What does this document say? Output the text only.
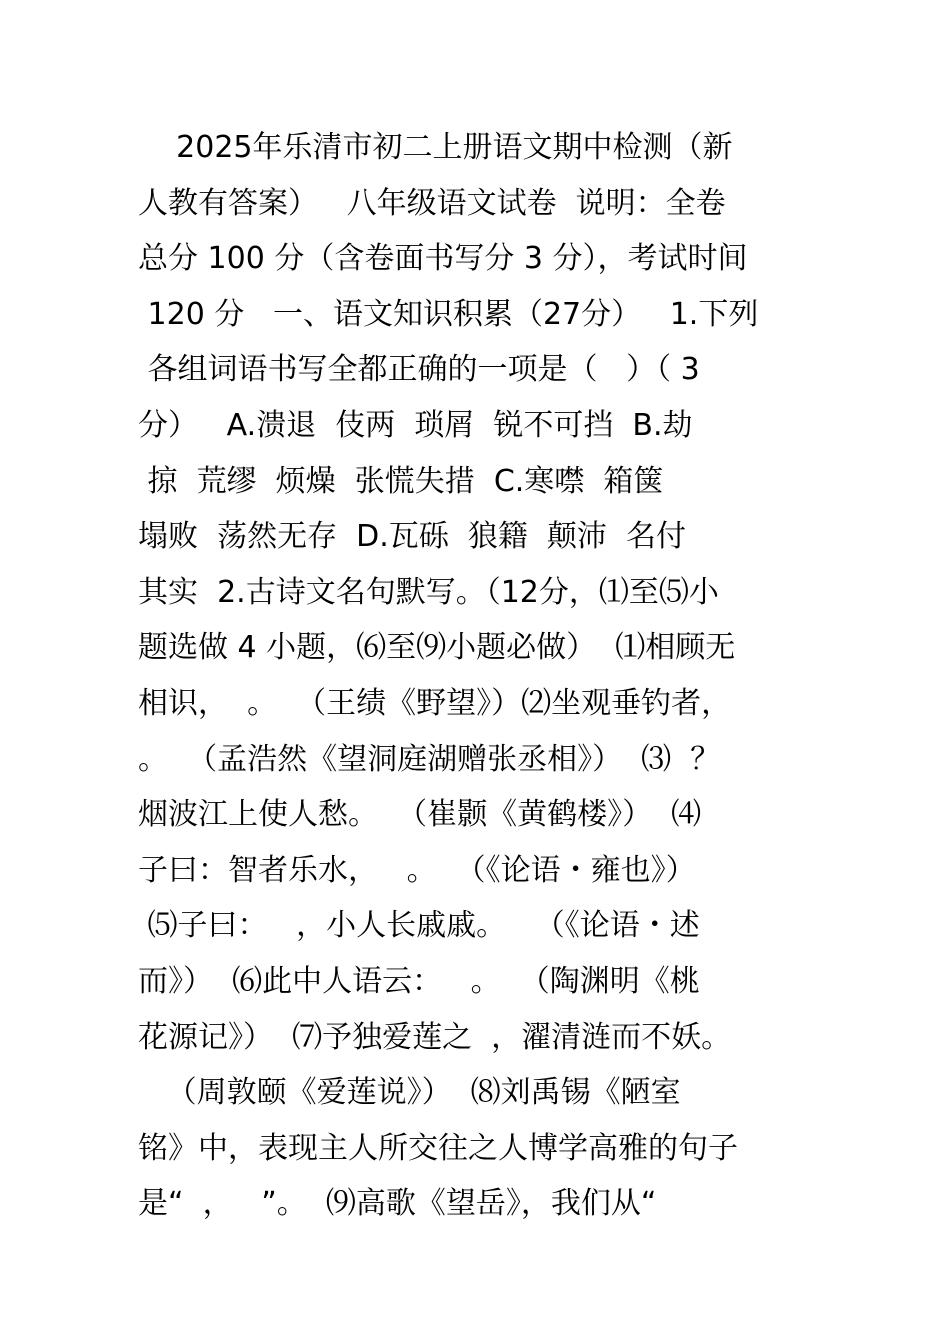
2025年乐清市初二上册语文期中检测（新
人教有答案）   八年级语文试卷  说明：全卷
总分 100 分（含卷面书写分 3 分），考试时间
120 分   一、语文知识积累（27分）   1.下列
各组词语书写全都正确的一项是（   ）（ 3
分）   A.溃退  伎两  琐屑  锐不可挡  B.劫
掠  荒缪  烦燥  张慌失措  C.寒噤  箱箧
塌败  荡然无存  D.瓦砾  狼籍  颠沛  名付
其实  2.古诗文名句默写。（12分，⑴至⑸小
题选做 4 小题，⑹至⑼小题必做）  ⑴相顾无
相识，  。  （王绩《野望》）⑵坐观垂钓者，
。  （孟浩然《望洞庭湖赠张丞相》）  ⑶  ？
烟波江上使人愁。  （崔颢《黄鹤楼》）  ⑷
子曰：智者乐水，   。  （《论语・雍也》）
⑸子曰：   ，小人长戚戚。   （《论语・述
而》）  ⑹此中人语云：   。  （陶渊明《桃
花源记》）  ⑺予独爱莲之  ，濯清涟而不妖。
（周敦颐《爱莲说》）  ⑻刘禹锡《陋室
铭》中，表现主人所交往之人博学高雅的句子
是“  ，   ”。  ⑼高歌《望岳》，我们从“
